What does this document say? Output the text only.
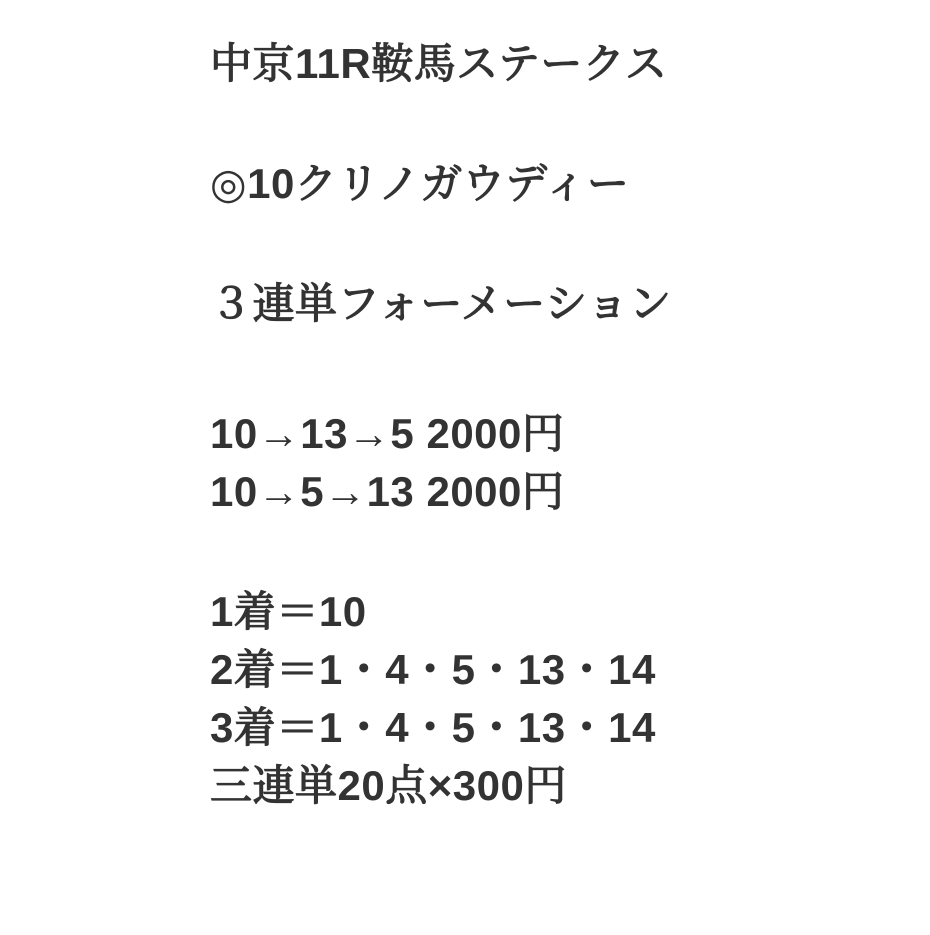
中京11R鞍馬ステークス

◎10クリノガウディー

３連単フォーメーション

10→13→5 2000円

10→5→13 2000円

1着＝10

2着＝1・4・5・13・14

3着＝1・4・5・13・14

三連単20点×300円
